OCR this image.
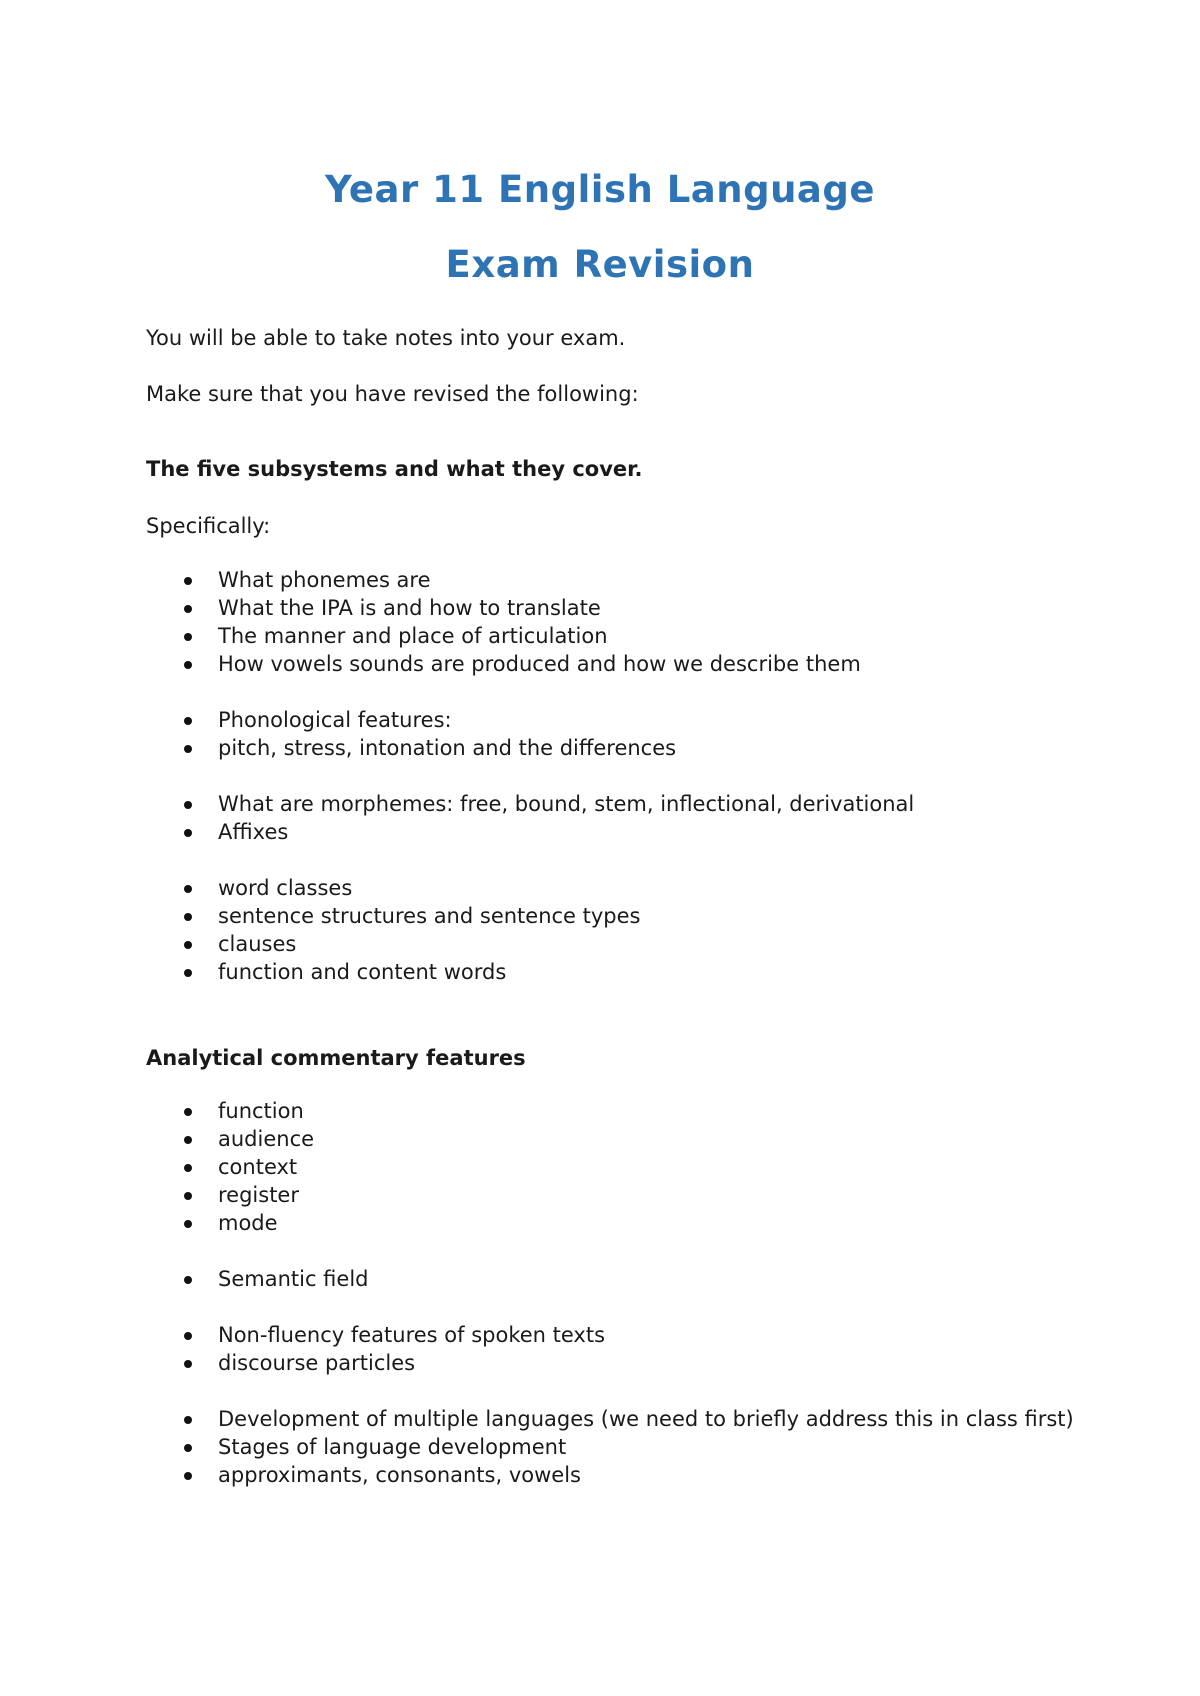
Year 11 English Language
Exam Revision

You will be able to take notes into your exam.

Make sure that you have revised the following:

The five subsystems and what they cover.

Specifically:

What phonemes are
What the IPA is and how to translate
The manner and place of articulation
How vowels sounds are produced and how we describe them
Phonological features:
pitch, stress, intonation and the differences
What are morphemes: free, bound, stem, inflectional, derivational
Affixes
word classes
sentence structures and sentence types
clauses
function and content words

Analytical commentary features

function
audience
context
register
mode
Semantic field
Non-fluency features of spoken texts
discourse particles
Development of multiple languages (we need to briefly address this in class first)
Stages of language development
approximants, consonants, vowels
